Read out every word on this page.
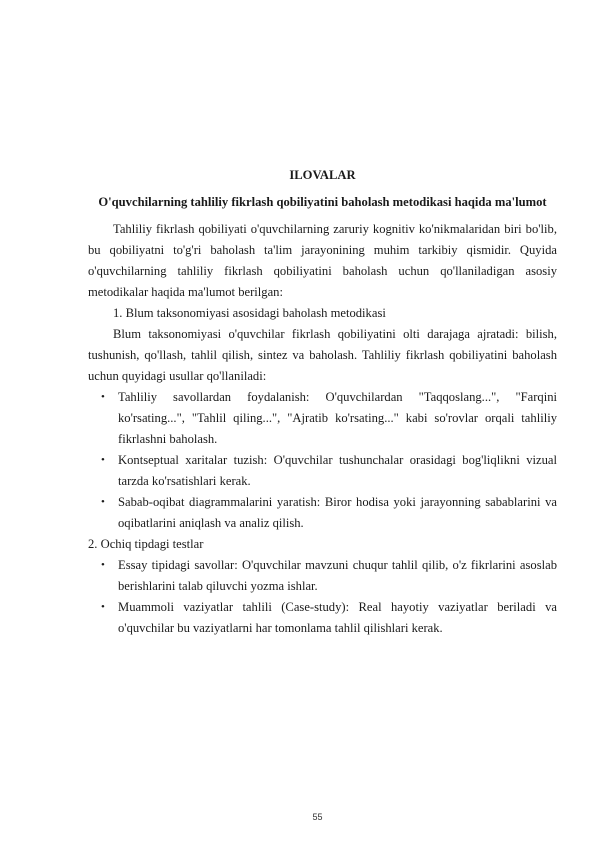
ILOVALAR
O'quvchilarning tahliliy fikrlash qobiliyatini baholash metodikasi haqida ma'lumot

Tahliliy fikrlash qobiliyati o'quvchilarning zaruriy kognitiv ko'nikmalaridan biri bo'lib, bu qobiliyatni to'g'ri baholash ta'lim jarayonining muhim tarkibiy qismidir. Quyida o'quvchilarning tahliliy fikrlash qobiliyatini baholash uchun qo'llaniladigan asosiy metodikalar haqida ma'lumot berilgan:

1. Blum taksonomiyasi asosidagi baholash metodikasi

Blum taksonomiyasi o'quvchilar fikrlash qobiliyatini olti darajaga ajratadi: bilish, tushunish, qo'llash, tahlil qilish, sintez va baholash. Tahliliy fikrlash qobiliyatini baholash uchun quyidagi usullar qo'llaniladi:

• Tahliliy savollardan foydalanish: O'quvchilardan "Taqqoslang...", "Farqini ko'rsating...", "Tahlil qiling...", "Ajratib ko'rsating..." kabi so'rovlar orqali tahliliy fikrlashni baholash.
• Kontseptual xaritalar tuzish: O'quvchilar tushunchalar orasidagi bog'liqlikni vizual tarzda ko'rsatishlari kerak.
• Sabab-oqibat diagrammalarini yaratish: Biror hodisa yoki jarayonning sabablarini va oqibatlarini aniqlash va analiz qilish.

2. Ochiq tipdagi testlar

• Essay tipidagi savollar: O'quvchilar mavzuni chuqur tahlil qilib, o'z fikrlarini asoslab berishlarini talab qiluvchi yozma ishlar.
• Muammoli vaziyatlar tahlili (Case-study): Real hayotiy vaziyatlar beriladi va o'quvchilar bu vaziyatlarni har tomonlama tahlil qilishlari kerak.
55
